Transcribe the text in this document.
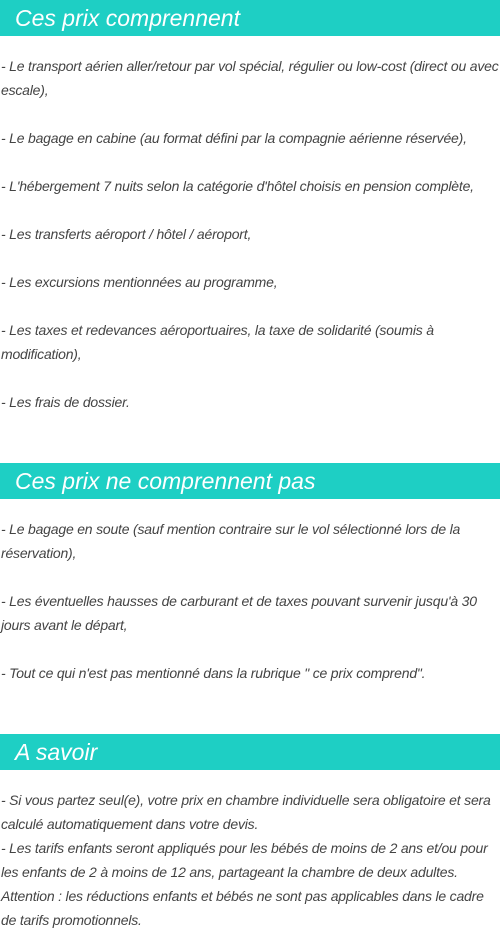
Ces prix comprennent

- Le transport aérien aller/retour par vol spécial, régulier ou low-cost (direct ou avec escale),

- Le bagage en cabine (au format défini par la compagnie aérienne réservée),

- L'hébergement 7 nuits selon la catégorie d'hôtel choisis en pension complète,

- Les transferts aéroport / hôtel / aéroport,

- Les excursions mentionnées au programme,

- Les taxes et redevances aéroportuaires, la taxe de solidarité (soumis à modification),

- Les frais de dossier.

Ces prix ne comprennent pas

- Le bagage en soute (sauf mention contraire sur le vol sélectionné lors de la réservation),

- Les éventuelles hausses de carburant et de taxes pouvant survenir jusqu'à 30 jours avant le départ,

- Tout ce qui n'est pas mentionné dans la rubrique " ce prix comprend".

A savoir

- Si vous partez seul(e), votre prix en chambre individuelle sera obligatoire et sera calculé automatiquement dans votre devis.

- Les tarifs enfants seront appliqués pour les bébés de moins de 2 ans et/ou pour les enfants de 2 à moins de 12 ans, partageant la chambre de deux adultes.

Attention : les réductions enfants et bébés ne sont pas applicables dans le cadre de tarifs promotionnels.
